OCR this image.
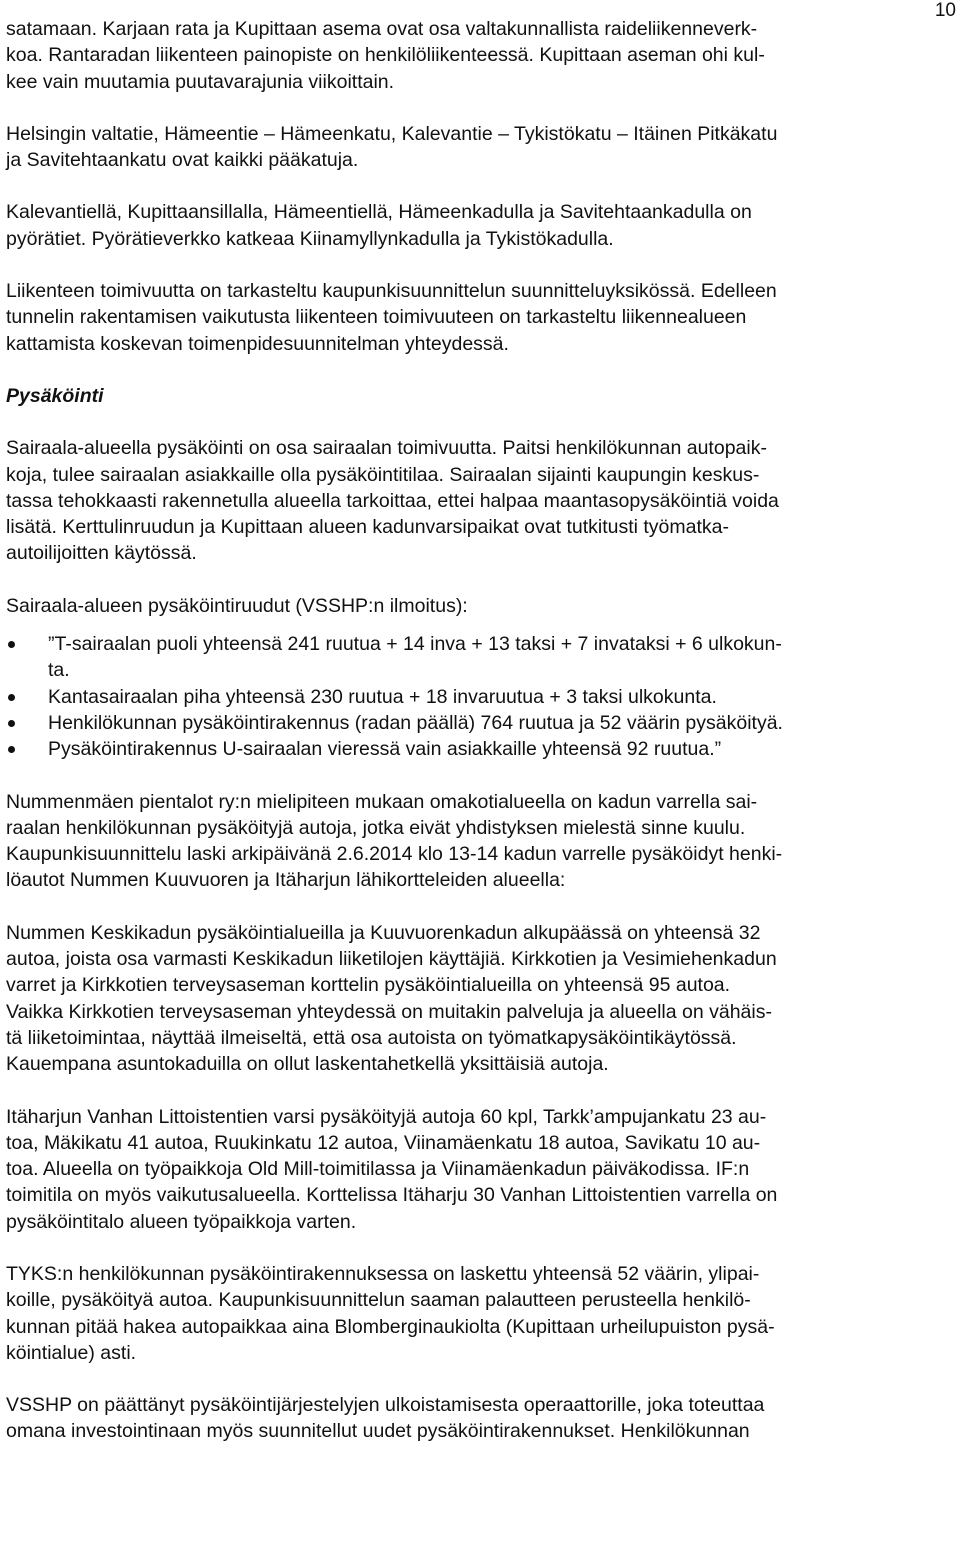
10

satamaan. Karjaan rata ja Kupittaan asema ovat osa valtakunnallista raideliikenneverk-
koa. Rantaradan liikenteen painopiste on henkilöliikenteessä. Kupittaan aseman ohi kul-
kee vain muutamia puutavarajunia viikoittain.

Helsingin valtatie, Hämeentie – Hämeenkatu, Kalevantie – Tykistökatu – Itäinen Pitkäkatu
ja Savitehtaankatu ovat kaikki pääkatuja.

Kalevantiellä, Kupittaansillalla, Hämeentiellä, Hämeenkadulla ja Savitehtaankadulla on
pyörätiet. Pyörätieverkko katkeaa Kiinamyllynkadulla ja Tykistökadulla.

Liikenteen toimivuutta on tarkasteltu kaupunkisuunnittelun suunnitteluyksikössä. Edelleen
tunnelin rakentamisen vaikutusta liikenteen toimivuuteen on tarkasteltu liikennealueen
kattamista koskevan toimenpidesuunnitelman yhteydessä.

Pysäköinti

Sairaala-alueella pysäköinti on osa sairaalan toimivuutta. Paitsi henkilökunnan autopaik-
koja, tulee sairaalan asiakkaille olla pysäköintitilaa. Sairaalan sijainti kaupungin keskus-
tassa tehokkaasti rakennetulla alueella tarkoittaa, ettei halpaa maantasopysäköintiä voida
lisätä. Kerttulinruudun ja Kupittaan alueen kadunvarsipaikat ovat tutkitusti työmatka-
autoilijoitten käytössä.

Sairaala-alueen pysäköintiruudut (VSSHP:n ilmoitus):

”T-sairaalan puoli yhteensä 241 ruutua + 14 inva + 13 taksi + 7 invataksi + 6 ulkokun-
ta.
Kantasairaalan piha yhteensä 230 ruutua + 18 invaruutua + 3 taksi ulkokunta.
Henkilökunnan pysäköintirakennus (radan päällä) 764 ruutua ja 52 väärin pysäköityä.
Pysäköintirakennus U-sairaalan vieressä vain asiakkaille yhteensä 92 ruutua.”

Nummenmäen pientalot ry:n mielipiteen mukaan omakotialueella on kadun varrella sai-
raalan henkilökunnan pysäköityjä autoja, jotka eivät yhdistyksen mielestä sinne kuulu.
Kaupunkisuunnittelu laski arkipäivänä 2.6.2014 klo 13-14 kadun varrelle pysäköidyt henki-
löautot Nummen Kuuvuoren ja Itäharjun lähikortteleiden alueella:

Nummen Keskikadun pysäköintialueilla ja Kuuvuorenkadun alkupäässä on yhteensä 32
autoa, joista osa varmasti Keskikadun liiketilojen käyttäjiä. Kirkkotien ja Vesimiehenkadun
varret ja Kirkkotien terveysaseman korttelin pysäköintialueilla on yhteensä 95 autoa.
Vaikka Kirkkotien terveysaseman yhteydessä on muitakin palveluja ja alueella on vähäis-
tä liiketoimintaa, näyttää ilmeiseltä, että osa autoista on työmatkapysäköintikäytössä.
Kauempana asuntokaduilla on ollut laskentahetkellä yksittäisiä autoja.

Itäharjun Vanhan Littoistentien varsi pysäköityjä autoja 60 kpl, Tarkk’ampujankatu 23 au-
toa, Mäkikatu 41 autoa, Ruukinkatu 12 autoa, Viinamäenkatu 18 autoa, Savikatu 10 au-
toa. Alueella on työpaikkoja Old Mill-toimitilassa ja Viinamäenkadun päiväkodissa. IF:n
toimitila on myös vaikutusalueella. Korttelissa Itäharju 30 Vanhan Littoistentien varrella on
pysäköintitalo alueen työpaikkoja varten.

TYKS:n henkilökunnan pysäköintirakennuksessa on laskettu yhteensä 52 väärin, ylipai-
koille, pysäköityä autoa. Kaupunkisuunnittelun saaman palautteen perusteella henkilö-
kunnan pitää hakea autopaikkaa aina Blomberginaukiolta (Kupittaan urheilupuiston pysä-
köintialue) asti.

VSSHP on päättänyt pysäköintijärjestelyjen ulkoistamisesta operaattorille, joka toteuttaa
omana investointinaan myös suunnitellut uudet pysäköintirakennukset. Henkilökunnan
